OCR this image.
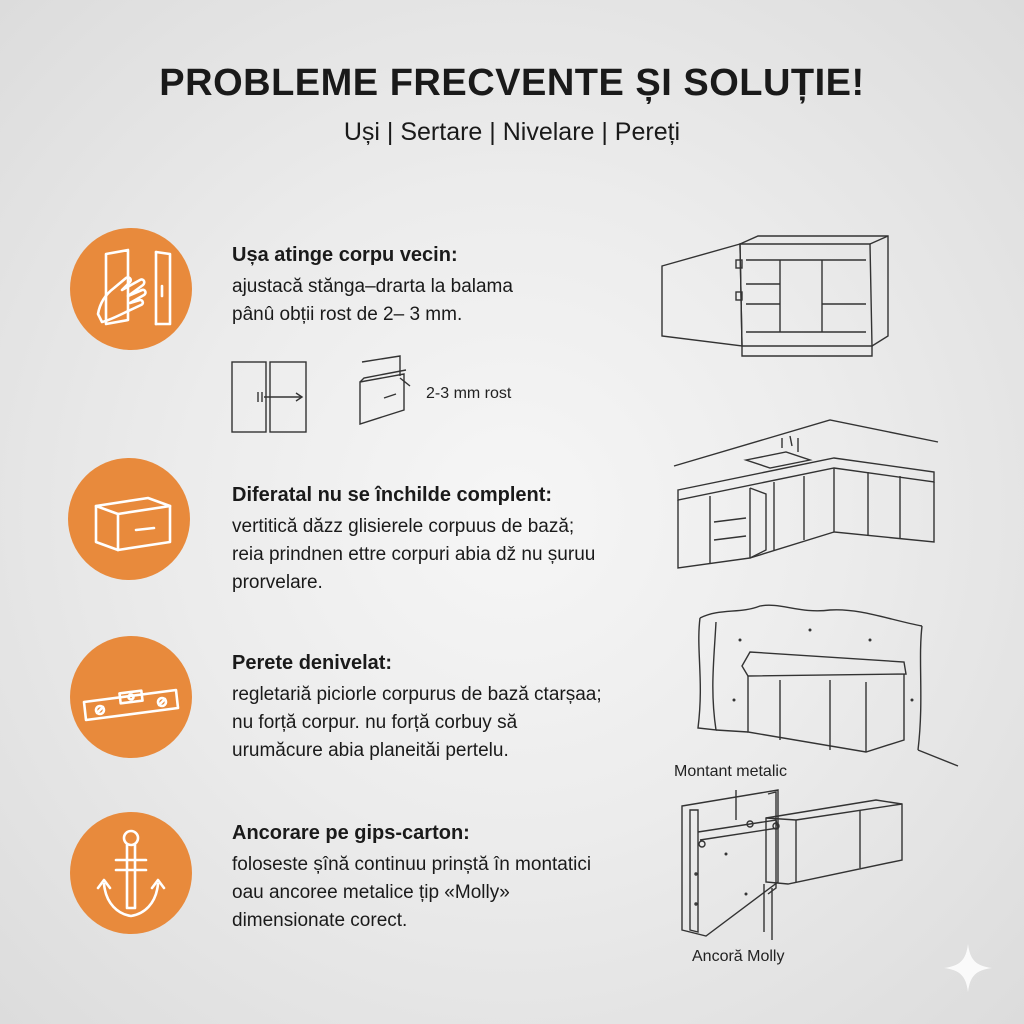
PROBLEME FRECVENTE ȘI SOLUȚIE!

Uși | Sertare | Nivelare | Pereți

Ușa atinge corpu vecin:

ajustacă stănga–drarta la balama
pânû obții rost de 2– 3 mm.

2-3 mm rost

Diferatal nu se închilde complent:

vertitică dăzz glisierele corpuus de bază;
reia prindnen ettre corpuri abia dž nu șuruu
prorvelare.

Perete denivelat:

regletariă piciorle corpurus de bază ctarșaa;
nu forță corpur. nu forță corbuy să
urumăcure abia planeităi pertelu.

Ancorare pe gips-carton:

foloseste șînă continuu prinștă în montatici
oau ancoree metalice țip «Molly»
dimensionate corect.

Montant metalic
Ancoră Molly
